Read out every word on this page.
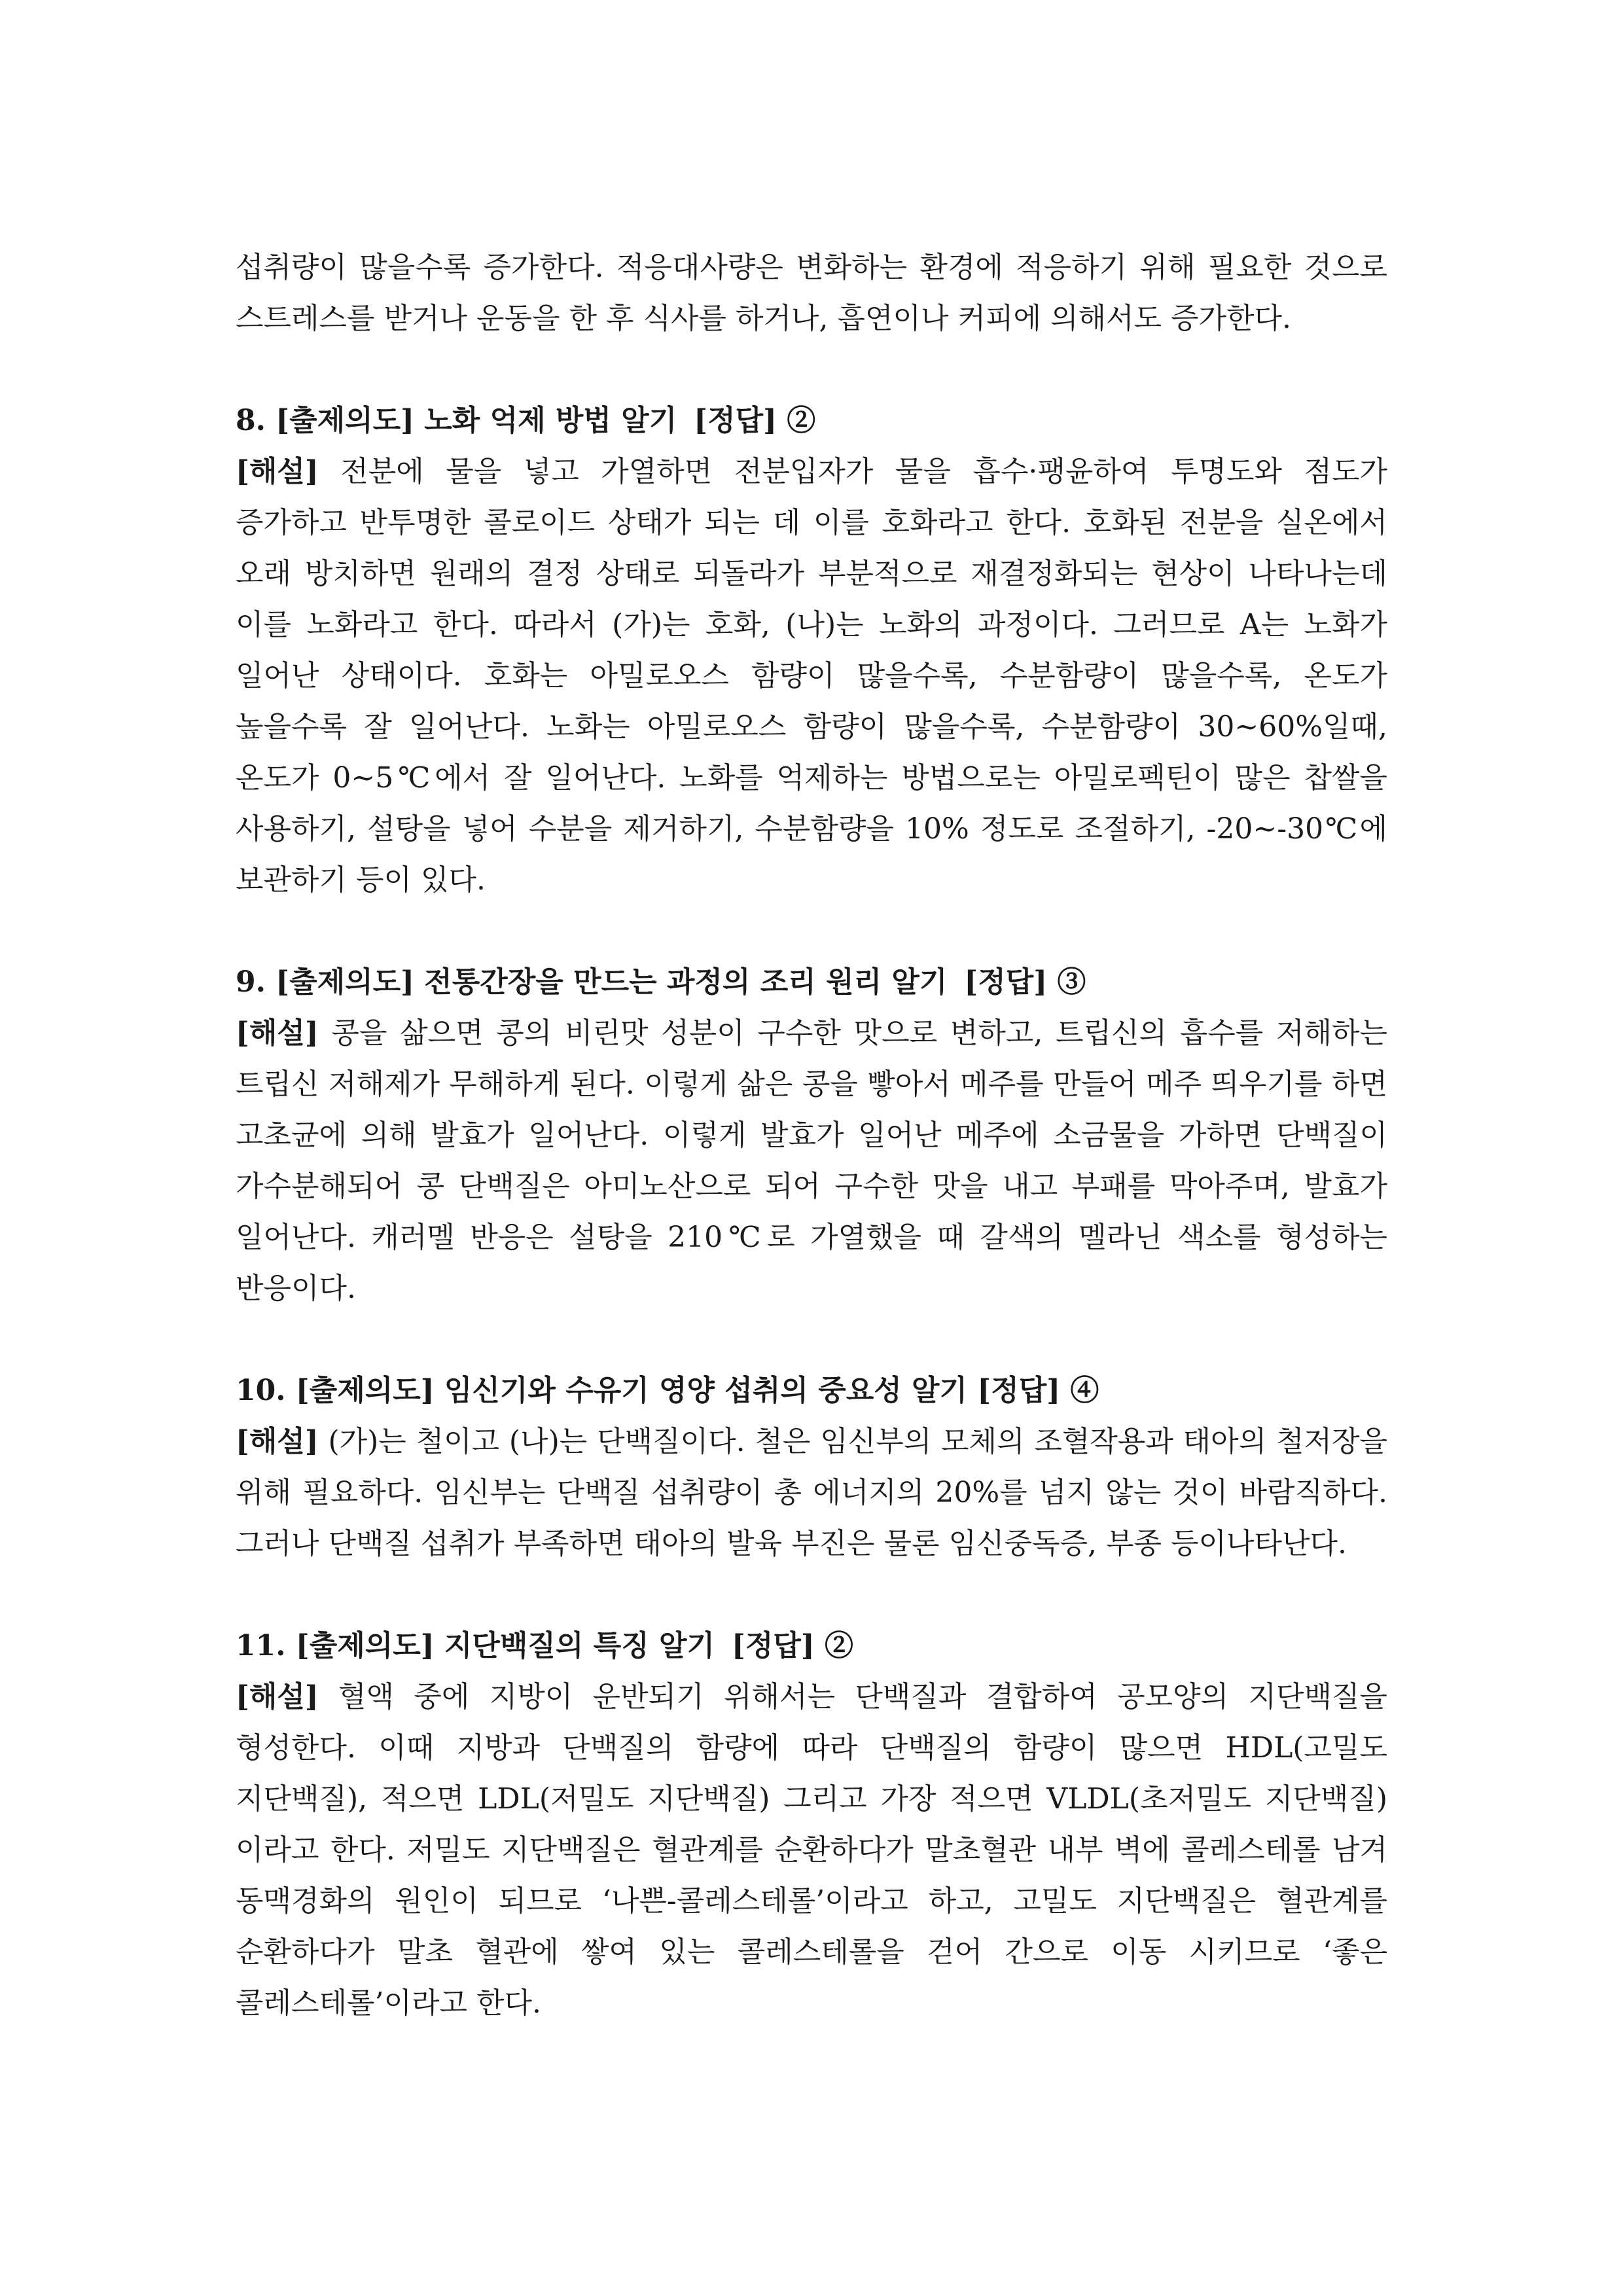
섭취량이 많을수록 증가한다. 적응대사량은 변화하는 환경에 적응하기 위해 필요한 것으로 스트레스를 받거나 운동을 한 후 식사를 하거나, 흡연이나 커피에 의해서도 증가한다.

8. [출제의도] 노화 억제 방법 알기 [정답] ②

[해설] 전분에 물을 넣고 가열하면 전분입자가 물을 흡수·팽윤하여 투명도와 점도가 증가하고 반투명한 콜로이드 상태가 되는 데 이를 호화라고 한다. 호화된 전분을 실온에서 오래 방치하면 원래의 결정 상태로 되돌라가 부분적으로 재결정화되는 현상이 나타나는데 이를 노화라고 한다. 따라서 (가)는 호화, (나)는 노화의 과정이다. 그러므로 A는 노화가 일어난 상태이다. 호화는 아밀로오스 함량이 많을수록, 수분함량이 많을수록, 온도가 높을수록 잘 일어난다. 노화는 아밀로오스 함량이 많을수록, 수분함량이 30~60%일때, 온도가 0~5℃에서 잘 일어난다. 노화를 억제하는 방법으로는 아밀로펙틴이 많은 찹쌀을 사용하기, 설탕을 넣어 수분을 제거하기, 수분함량을 10% 정도로 조절하기, -20~-30℃에 보관하기 등이 있다.

9. [출제의도] 전통간장을 만드는 과정의 조리 원리 알기 [정답] ③

[해설] 콩을 삶으면 콩의 비린맛 성분이 구수한 맛으로 변하고, 트립신의 흡수를 저해하는 트립신 저해제가 무해하게 된다. 이렇게 삶은 콩을 빻아서 메주를 만들어 메주 띄우기를 하면 고초균에 의해 발효가 일어난다. 이렇게 발효가 일어난 메주에 소금물을 가하면 단백질이 가수분해되어 콩 단백질은 아미노산으로 되어 구수한 맛을 내고 부패를 막아주며, 발효가 일어난다. 캐러멜 반응은 설탕을 210℃로 가열했을 때 갈색의 멜라닌 색소를 형성하는 반응이다.

10. [출제의도] 임신기와 수유기 영양 섭취의 중요성 알기 [정답] ④

[해설] (가)는 철이고 (나)는 단백질이다. 철은 임신부의 모체의 조혈작용과 태아의 철저장을 위해 필요하다. 임신부는 단백질 섭취량이 총 에너지의 20%를 넘지 않는 것이 바람직하다. 그러나 단백질 섭취가 부족하면 태아의 발육 부진은 물론 임신중독증, 부종 등이나타난다.

11. [출제의도] 지단백질의 특징 알기 [정답] ②

[해설] 혈액 중에 지방이 운반되기 위해서는 단백질과 결합하여 공모양의 지단백질을 형성한다. 이때 지방과 단백질의 함량에 따라 단백질의 함량이 많으면 HDL(고밀도 지단백질), 적으면 LDL(저밀도 지단백질) 그리고 가장 적으면 VLDL(초저밀도 지단백질)이라고 한다. 저밀도 지단백질은 혈관계를 순환하다가 말초혈관 내부 벽에 콜레스테롤 남겨 동맥경화의 원인이 되므로 ‘나쁜-콜레스테롤’이라고 하고, 고밀도 지단백질은 혈관계를 순환하다가 말초 혈관에 쌓여 있는 콜레스테롤을 걷어 간으로 이동 시키므로 ‘좋은 콜레스테롤’이라고 한다.
